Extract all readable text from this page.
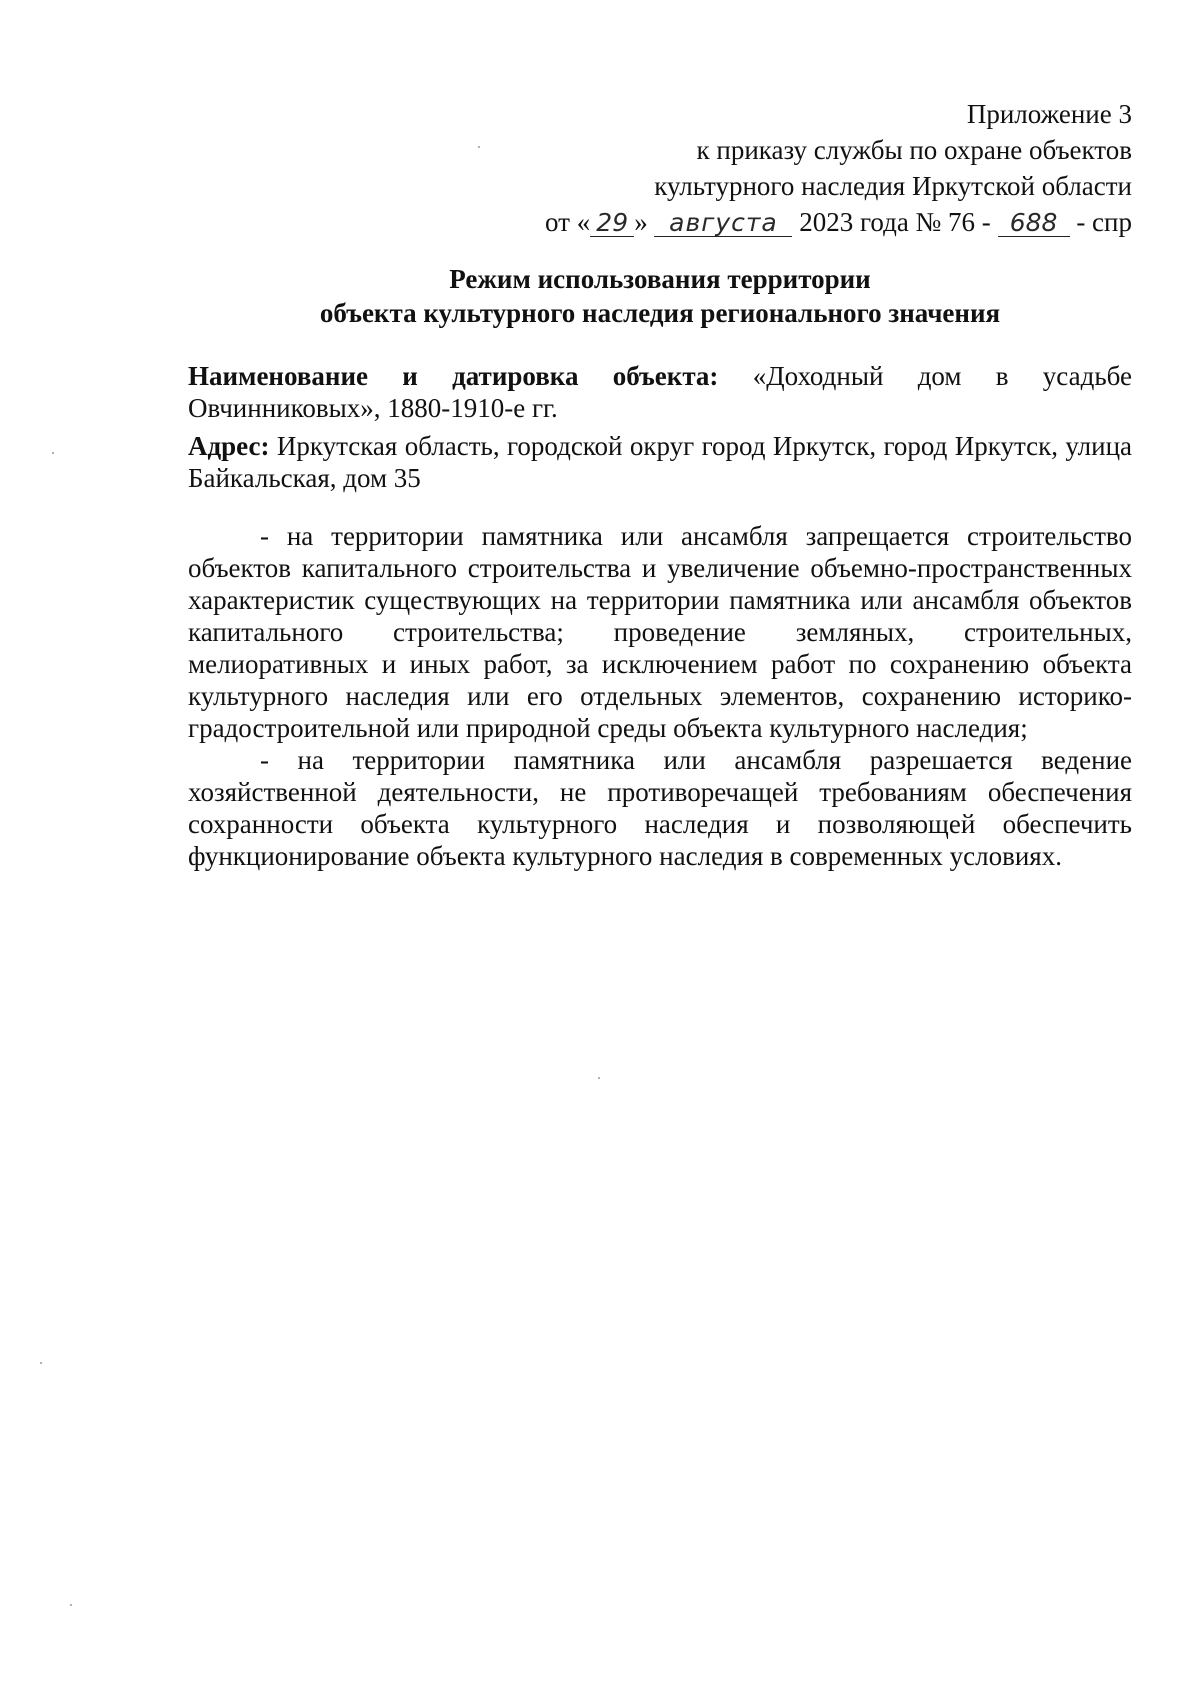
Приложение 3
к приказу службы по охране объектов
культурного наследия Иркутской области
от « 29 » августа 2023 года № 76 - 688 - спр
Режим использования территории
объекта культурного наследия регионального значения

Наименование и датировка объекта: «Доходный дом в усадьбе Овчинниковых», 1880-1910-е гг.

Адрес: Иркутская область, городской округ город Иркутск, город Иркутск, улица Байкальская, дом 35

- на территории памятника или ансамбля запрещается строительство объектов капитального строительства и увеличение объемно-пространственных характеристик существующих на территории памятника или ансамбля объектов капитального строительства; проведение земляных, строительных, мелиоративных и иных работ, за исключением работ по сохранению объекта культурного наследия или его отдельных элементов, сохранению историко-градостроительной или природной среды объекта культурного наследия;

- на территории памятника или ансамбля разрешается ведение хозяйственной деятельности, не противоречащей требованиям обеспечения сохранности объекта культурного наследия и позволяющей обеспечить функционирование объекта культурного наследия в современных условиях.
